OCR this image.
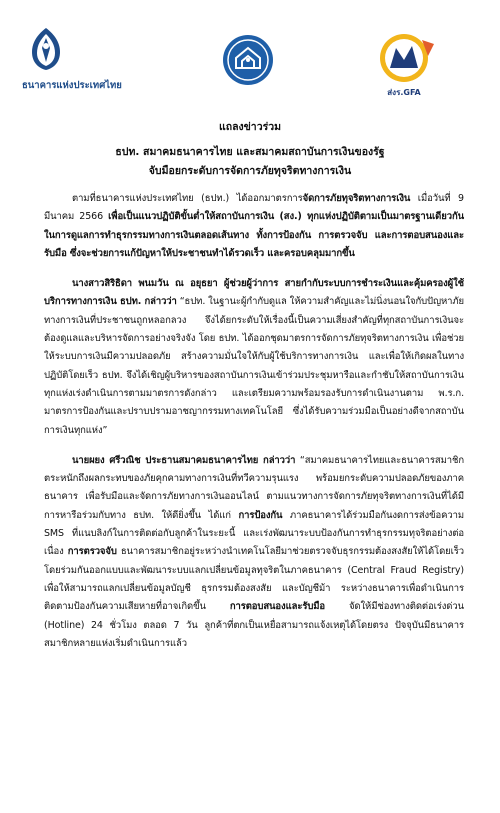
ธนาคารแห่งประเทศไทย
ส่งร.GFA
แถลงข่าวร่วม
ธปท. สมาคมธนาคารไทย และสมาคมสถาบันการเงินของรัฐ
จับมือยกระดับการจัดการภัยทุจริตทางการเงิน

ตามที่ธนาคารแห่งประเทศไทย (ธปท.) ได้ออกมาตรการจัดการภัยทุจริตทางการเงิน เมื่อวันที่ 9 มีนาคม 2566 เพื่อเป็นแนวปฏิบัติขั้นต่ำให้สถาบันการเงิน (สง.) ทุกแห่งปฏิบัติตามเป็นมาตรฐานเดียวกันในการดูแลการทำธุรกรรมทางการเงินตลอดเส้นทาง ทั้งการป้องกัน การตรวจจับ และการตอบสนองและรับมือ ซึ่งจะช่วยการแก้ปัญหาให้ประชาชนทำได้รวดเร็ว และครอบคลุมมากขึ้น

นางสาวสิริธิดา พนมวัน ณ อยุธยา ผู้ช่วยผู้ว่าการ สายกำกับระบบการชำระเงินและคุ้มครองผู้ใช้บริการทางการเงิน ธปท. กล่าวว่า “ธปท. ในฐานะผู้กำกับดูแล ให้ความสำคัญและไม่นิ่งนอนใจกับปัญหาภัยทางการเงินที่ประชาชนถูกหลอกลวง จึงได้ยกระดับให้เรื่องนี้เป็นความเสี่ยงสำคัญที่ทุกสถาบันการเงินจะต้องดูแลและบริหารจัดการอย่างจริงจัง โดย ธปท. ได้ออกชุดมาตรการจัดการภัยทุจริตทางการเงิน เพื่อช่วยให้ระบบการเงินมีความปลอดภัย สร้างความมั่นใจให้กับผู้ใช้บริการทางการเงิน และเพื่อให้เกิดผลในทางปฏิบัติโดยเร็ว ธปท. จึงได้เชิญผู้บริหารของสถาบันการเงินเข้าร่วมประชุมหารือและกำชับให้สถาบันการเงินทุกแห่งเร่งดำเนินการตามมาตรการดังกล่าว และเตรียมความพร้อมรองรับการดำเนินงานตาม พ.ร.ก. มาตรการป้องกันและปราบปรามอาชญากรรมทางเทคโนโลยี ซึ่งได้รับความร่วมมือเป็นอย่างดีจากสถาบันการเงินทุกแห่ง”

นายผยง ศรีวณิช ประธานสมาคมธนาคารไทย กล่าวว่า “สมาคมธนาคารไทยและธนาคารสมาชิก ตระหนักถึงผลกระทบของภัยคุกคามทางการเงินที่ทวีความรุนแรง พร้อมยกระดับความปลอดภัยของภาคธนาคาร เพื่อรับมือและจัดการภัยทางการเงินออนไลน์ ตามแนวทางการจัดการภัยทุจริตทางการเงินที่ได้มีการหารือร่วมกับทาง ธปท. ให้ดียิ่งขึ้น ได้แก่ การป้องกัน ภาคธนาคารได้ร่วมมือกันงดการส่งข้อความ SMS ที่แนบลิงก์ในการติดต่อกับลูกค้าในระยะนี้ และเร่งพัฒนาระบบป้องกันการทำธุรกรรมทุจริตอย่างต่อเนื่อง การตรวจจับ ธนาคารสมาชิกอยู่ระหว่างนำเทคโนโลยีมาช่วยตรวจจับธุรกรรมต้องสงสัยให้ได้โดยเร็ว โดยร่วมกันออกแบบและพัฒนาระบบแลกเปลี่ยนข้อมูลทุจริตในภาคธนาคาร (Central Fraud Registry) เพื่อให้สามารถแลกเปลี่ยนข้อมูลบัญชี ธุรกรรมต้องสงสัย และบัญชีม้า ระหว่างธนาคารเพื่อดำเนินการติดตามป้องกันความเสียหายที่อาจเกิดขึ้น การตอบสนองและรับมือ จัดให้มีช่องทางติดต่อเร่งด่วน (Hotline) 24 ชั่วโมง ตลอด 7 วัน ลูกค้าที่ตกเป็นเหยื่อสามารถแจ้งเหตุได้โดยตรง ปัจจุบันมีธนาคารสมาชิกหลายแห่งเริ่มดำเนินการแล้ว
